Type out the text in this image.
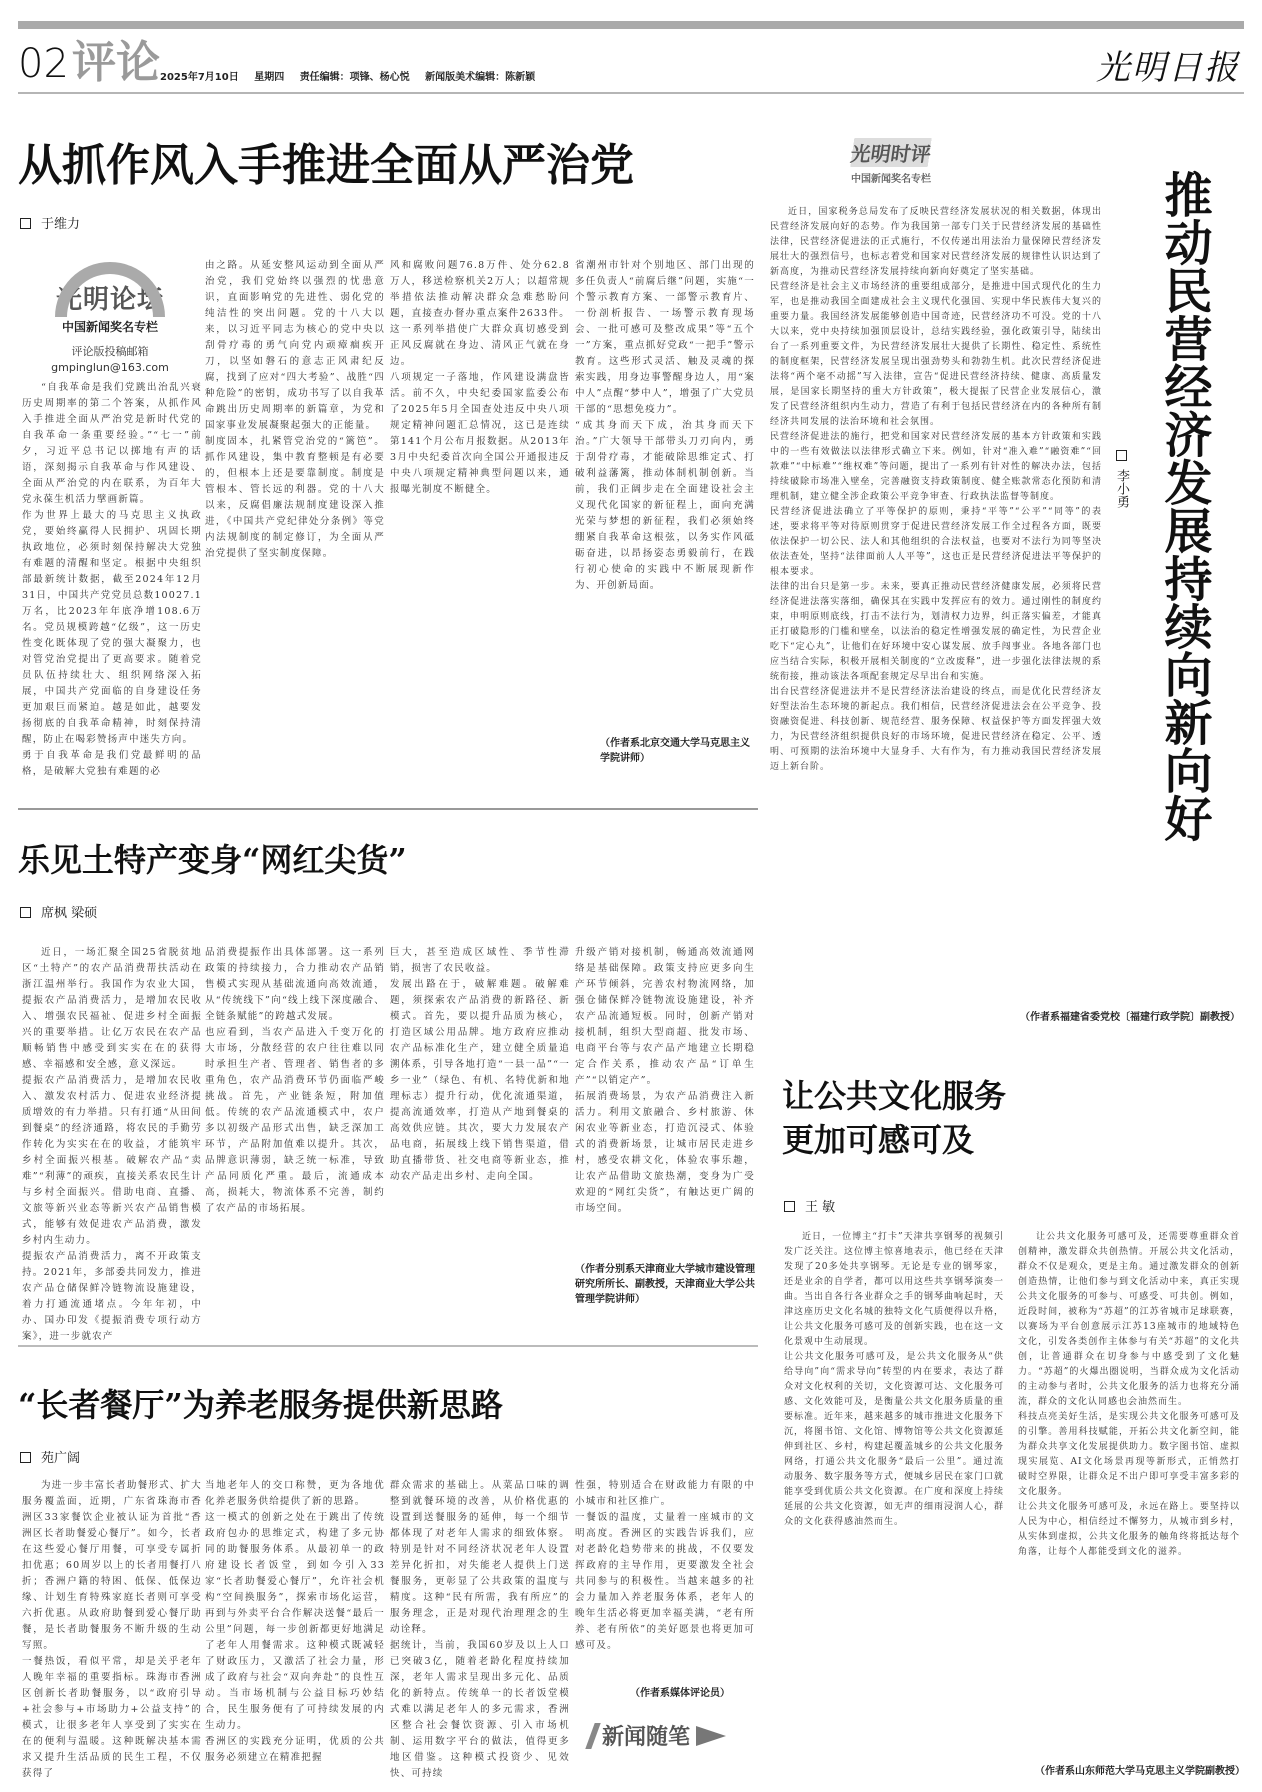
02 评论 2025年7月10日 星期四 责任编辑：项锋、杨心悦 新闻版美术编辑：陈新颖	光明日报
从抓作风入手推进全面从严治党
于维力
光明论坛
中国新闻奖名专栏
评论版投稿邮箱
gmpinglun@163.com

“自我革命是我们党跳出治乱兴衰历史周期率的第二个答案，从抓作风入手推进全面从严治党是新时代党的自我革命一条重要经验。”“七一”前夕，习近平总书记以掷地有声的话语，深刻揭示自我革命与作风建设、全面从严治党的内在联系，为百年大党永葆生机活力擘画新篇。
作为世界上最大的马克思主义执政党，要始终赢得人民拥护、巩固长期执政地位，必须时刻保持解决大党独有难题的清醒和坚定。根据中央组织部最新统计数据，截至2024年12月31日，中国共产党党员总数10027.1万名，比2023年年底净增108.6万名。党员规模跨越“亿级”，这一历史性变化既体现了党的强大凝聚力，也对管党治党提出了更高要求。随着党员队伍持续壮大、组织网络深入拓展，中国共产党面临的自身建设任务更加艰巨而紧迫。越是如此，越要发扬彻底的自我革命精神，时刻保持清醒，防止在喝彩赞扬声中迷失方向。
勇于自我革命是我们党最鲜明的品格，是破解大党独有难题的必

由之路。从延安整风运动到全面从严治党，我们党始终以强烈的忧患意识，直面影响党的先进性、弱化党的纯洁性的突出问题。党的十八大以来，以习近平同志为核心的党中央以刮骨疗毒的勇气向党内顽瘴痼疾开刀，以坚如磐石的意志正风肃纪反腐，找到了应对“四大考验”、战胜“四种危险”的密钥，成功书写了以自我革命跳出历史周期率的新篇章，为党和国家事业发展凝聚起强大的正能量。
制度固本，扎紧管党治党的“篱笆”。抓作风建设，集中教育整顿是有必要的，但根本上还是要靠制度。制度是管根本、管长远的利器。党的十八大以来，反腐倡廉法规制度建设深入推进，《中国共产党纪律处分条例》等党内法规制度的制定修订，为全面从严治党提供了坚实制度保障。

风和腐败问题76.8万件、处分62.8万人，移送检察机关2万人；以超常规举措依法推动解决群众急难愁盼问题，直接查办督办重点案件2633件。这一系列举措使广大群众真切感受到正风反腐就在身边、清风正气就在身边。
八项规定一子落地，作风建设满盘皆活。前不久，中央纪委国家监委公布了2025年5月全国查处违反中央八项规定精神问题汇总情况，这已是连续第141个月公布月报数据。从2013年3月中央纪委首次向全国公开通报违反中央八项规定精神典型问题以来，通报曝光制度不断健全。

省潮州市针对个别地区、部门出现的多任负责人“前腐后继”问题，实施“一个警示教育方案、一部警示教育片、一份剖析报告、一场警示教育现场会、一批可感可及整改成果”等“五个一”方案，重点抓好党政“一把手”警示教育。这些形式灵活、触及灵魂的探索实践，用身边事警醒身边人，用“案中人”点醒“梦中人”，增强了广大党员干部的“思想免疫力”。
“成其身而天下成，治其身而天下治。”广大领导干部带头刀刃向内，勇于刮骨疗毒，才能破除思维定式、打破利益藩篱，推动体制机制创新。当前，我们正阔步走在全面建设社会主义现代化国家的新征程上，面向充满光荣与梦想的新征程，我们必须始终绷紧自我革命这根弦，以务实作风砥砺奋进，以昂扬姿态勇毅前行，在践行初心使命的实践中不断展现新作为、开创新局面。

（作者系北京交通大学马克思主义学院讲师）
光明时评
中国新闻奖名专栏	推动民营经济发展持续向新向好
李小勇

近日，国家税务总局发布了反映民营经济发展状况的相关数据，体现出民营经济发展向好的态势。作为我国第一部专门关于民营经济发展的基础性法律，民营经济促进法的正式施行，不仅传递出用法治力量保障民营经济发展壮大的强烈信号，也标志着党和国家对民营经济发展的规律性认识达到了新高度，为推动民营经济发展持续向新向好奠定了坚实基础。
民营经济是社会主义市场经济的重要组成部分，是推进中国式现代化的生力军，也是推动我国全面建成社会主义现代化强国、实现中华民族伟大复兴的重要力量。我国经济发展能够创造中国奇迹，民营经济功不可没。党的十八大以来，党中央持续加强顶层设计，总结实践经验，强化政策引导，陆续出台了一系列重要文件，为民营经济发展壮大提供了长期性、稳定性、系统性的制度框架，民营经济发展呈现出强劲势头和勃勃生机。此次民营经济促进法将“两个毫不动摇”写入法律，宣告“促进民营经济持续、健康、高质量发展，是国家长期坚持的重大方针政策”，极大提振了民营企业发展信心，激发了民营经济组织内生动力，营造了有利于包括民营经济在内的各种所有制经济共同发展的法治环境和社会氛围。
民营经济促进法的施行，把党和国家对民营经济发展的基本方针政策和实践中的一些有效做法以法律形式确立下来。例如，针对“准入难”“融资难”“回款难”“中标难”“维权难”等问题，提出了一系列有针对性的解决办法，包括持续破除市场准入壁垒，完善融资支持政策制度、健全账款常态化预防和清理机制，建立健全涉企政策公平竞争审查、行政执法监督等制度。
民营经济促进法确立了平等保护的原则，秉持“平等”“公平”“同等”的表述，要求将平等对待原则贯穿于促进民营经济发展工作全过程各方面，既要依法保护一切公民、法人和其他组织的合法权益，也要对不法行为同等坚决依法查处，坚持“法律面前人人平等”，这也正是民营经济促进法平等保护的根本要求。
法律的出台只是第一步。未来，要真正推动民营经济健康发展，必须将民营经济促进法落实落细，确保其在实践中发挥应有的效力。通过刚性的制度约束，申明原则底线，打击不法行为，划清权力边界，纠正落实偏差，才能真正打破隐形的门槛和壁垒，以法治的稳定性增强发展的确定性，为民营企业吃下“定心丸”，让他们在好环境中安心谋发展、放手闯事业。各地各部门也应当结合实际，积极开展相关制度的“立改废释”，进一步强化法律法规的系统衔接，推动该法各项配套规定尽早出台和实施。
出台民营经济促进法并不是民营经济法治建设的终点，而是优化民营经济友好型法治生态环境的新起点。我们相信，民营经济促进法会在公平竞争、投资融资促进、科技创新、规范经营、服务保障、权益保护等方面发挥强大效力，为民营经济组织提供良好的市场环境，促进民营经济在稳定、公平、透明、可预期的法治环境中大显身手、大有作为，有力推动我国民营经济发展迈上新台阶。

（作者系福建省委党校〔福建行政学院〕副教授）
乐见土特产变身“网红尖货”
席枫 梁硕

近日，一场汇聚全国25省脱贫地区“土特产”的农产品消费帮扶活动在浙江温州举行。我国作为农业大国，提振农产品消费活力，是增加农民收入、增强农民福祉、促进乡村全面振兴的重要举措。让亿万农民在农产品顺畅销售中感受到实实在在的获得感、幸福感和安全感，意义深远。
提振农产品消费活力，是增加农民收入、激发农村活力、促进农业经济提质增效的有力举措。只有打通“从田间到餐桌”的经济通路，将农民的手勤劳作转化为实实在在的收益，才能筑牢乡村全面振兴根基。破解农产品“卖难”“利薄”的顽疾，直接关系农民生计与乡村全面振兴。借助电商、直播、文旅等新兴业态等新兴农产品销售模式，能够有效促进农产品消费，激发乡村内生动力。
提振农产品消费活力，离不开政策支持。2021年，多部委共同发力，推进农产品仓储保鲜冷链物流设施建设，着力打通流通堵点。今年年初，中办、国办印发《提振消费专项行动方案》，进一步就农产

品消费提振作出具体部署。这一系列政策的持续接力，合力推动农产品销售模式实现从基础流通向高效流通，从“传统线下”向“线上线下深度融合、全链条赋能”的跨越式发展。
也应看到，当农产品进入千变万化的大市场，分散经营的农户往往难以同时承担生产者、管理者、销售者的多重角色，农产品消费环节仍面临严峻挑战。首先，产业链条短，附加值低。传统的农产品流通模式中，农户多以初级产品形式出售，缺乏深加工环节，产品附加值难以提升。其次，品牌意识薄弱，缺乏统一标准，导致产品同质化严重。最后，流通成本高，损耗大，物流体系不完善，制约了农产品的市场拓展。

巨大，甚至造成区域性、季节性滞销，损害了农民收益。
发展出路在于，破解难题。破解难题，须探索农产品消费的新路径、新模式。首先，要以提升品质为核心，打造区域公用品牌。地方政府应推动农产品标准化生产，建立健全质量追溯体系，引导各地打造“一县一品”“一乡一业”（绿色、有机、名特优新和地理标志）提升行动，优化流通渠道，提高流通效率，打造从产地到餐桌的高效供应链。其次，要大力发展农产品电商，拓展线上线下销售渠道，借助直播带货、社交电商等新业态，推动农产品走出乡村、走向全国。

升级产销对接机制，畅通高效流通网络是基础保障。政策支持应更多向生产环节倾斜，完善农村物流网络，加强仓储保鲜冷链物流设施建设，补齐农产品流通短板。同时，创新产销对接机制，组织大型商超、批发市场、电商平台等与农产品产地建立长期稳定合作关系，推动农产品“订单生产”“以销定产”。
拓展消费场景，为农产品消费注入新活力。利用文旅融合、乡村旅游、休闲农业等新业态，打造沉浸式、体验式的消费新场景，让城市居民走进乡村，感受农耕文化，体验农事乐趣，让农产品借助文旅热潮，变身为广受欢迎的“网红尖货”，有触达更广阔的市场空间。

（作者分别系天津商业大学城市建设管理研究所所长、副教授，天津商业大学公共管理学院讲师）
“长者餐厅”为养老服务提供新思路
苑广阔

为进一步丰富长者助餐形式、扩大服务覆盖面，近期，广东省珠海市香洲区33家餐饮企业被认证为首批“香洲区长者助餐爱心餐厅”。如今，长者在这些爱心餐厅用餐，可享受专属折扣优惠；60周岁以上的长者用餐打八折；香洲户籍的特困、低保、低保边缘、计划生育特殊家庭长者则可享受六折优惠。从政府助餐到爱心餐厅助餐，是长者助餐服务不断升级的生动写照。
一餐热饭，看似平常，却是关乎老年人晚年幸福的重要指标。珠海市香洲区创新长者助餐服务，以“政府引导+社会参与+市场助力+公益支持”的模式，让很多老年人享受到了实实在在的便利与温暖。这种既解决基本需求又提升生活品质的民生工程，不仅获得了

当地老年人的交口称赞，更为各地优化养老服务供给提供了新的思路。
这一模式的创新之处在于跳出了传统政府包办的思维定式，构建了多元协同的助餐服务体系。从最初单一的政府建设长者饭堂，到如今引入33家“长者助餐爱心餐厅”，允许社会机构“空间换服务”，探索市场化运营，再到与外卖平台合作解决送餐“最后一公里”问题，每一步创新都更好地满足了老年人用餐需求。这种模式既减轻了财政压力，又激活了社会力量，形成了政府与社会“双向奔赴”的良性互动。当市场机制与公益目标巧妙结合，民生服务便有了可持续发展的内生动力。
香洲区的实践充分证明，优质的公共服务必须建立在精准把握

群众需求的基础上。从菜品口味的调整到就餐环境的改善，从价格优惠的设置到送餐服务的延伸，每一个细节都体现了对老年人需求的细致体察。特别是针对不同经济状况老年人设置差异化折扣，对失能老人提供上门送餐服务，更彰显了公共政策的温度与精度。这种“民有所需，我有所应”的服务理念，正是对现代治理理念的生动诠释。
据统计，当前，我国60岁及以上人口已突破3亿，随着老龄化程度持续加深，老年人需求呈现出多元化、品质化的新特点。传统单一的长者饭堂模式难以满足老年人的多元需求，香洲区整合社会餐饮资源、引入市场机制、运用数字平台的做法，值得更多地区借鉴。这种模式投资少、见效快、可持续

性强，特别适合在财政能力有限的中小城市和社区推广。
一餐饭的温度，丈量着一座城市的文明高度。香洲区的实践告诉我们，应对老龄化趋势带来的挑战，不仅要发挥政府的主导作用，更要激发全社会共同参与的积极性。当越来越多的社会力量加入养老服务体系，老年人的晚年生活必将更加幸福美满，“老有所养、老有所依”的美好愿景也将更加可感可及。

（作者系媒体评论员）
新闻随笔
让公共文化服务
更加可感可及
王 敏

近日，一位博主“打卡”天津共享钢琴的视频引发广泛关注。这位博主惊喜地表示，他已经在天津发现了20多处共享钢琴。无论是专业的钢琴家，还是业余的自学者，都可以用这些共享钢琴演奏一曲。当出自各行各业群众之手的钢琴曲响起时，天津这座历史文化名城的独特文化气质便得以升格，让公共文化服务可感可及的创新实践，也在这一文化景观中生动展现。
让公共文化服务可感可及，是公共文化服务从“供给导向”向“需求导向”转型的内在要求，表达了群众对文化权利的关切，文化资源可达、文化服务可感、文化效能可及，是衡量公共文化服务质量的重要标准。近年来，越来越多的城市推进文化服务下沉，将图书馆、文化馆、博物馆等公共文化资源延伸到社区、乡村，构建起覆盖城乡的公共文化服务网络，打通公共文化服务“最后一公里”。通过流动服务、数字服务等方式，便城乡居民在家门口就能享受到优质公共文化资源。在广度和深度上持续延展的公共文化资源，如无声的细雨浸润人心，群众的文化获得感油然而生。

让公共文化服务可感可及，还需要尊重群众首创精神，激发群众共创热情。开展公共文化活动，群众不仅是观众，更是主角。通过激发群众的创新创造热情，让他们参与到文化活动中来，真正实现公共文化服务的可参与、可感受、可共创。例如，近段时间，被称为“苏超”的江苏省城市足球联赛，以赛场为平台创意展示江苏13座城市的地域特色文化，引发各类创作主体参与有关“苏超”的文化共创，让普通群众在切身参与中感受到了文化魅力。“苏超”的火爆出圈说明，当群众成为文化活动的主动参与者时，公共文化服务的活力也将充分涌流，群众的文化认同感也会油然而生。
科技点亮美好生活，是实现公共文化服务可感可及的引擎。善用科技赋能，开拓公共文化新空间，能为群众共享文化发展提供助力。数字图书馆、虚拟现实展览、AI文化场景再现等新形式，正悄然打破时空界限，让群众足不出户即可享受丰富多彩的文化服务。
让公共文化服务可感可及，永远在路上。要坚持以人民为中心，相信经过不懈努力，从城市到乡村，从实体到虚拟，公共文化服务的触角终将抵达每个角落，让每个人都能受到文化的滋养。

（作者系山东师范大学马克思主义学院副教授）
